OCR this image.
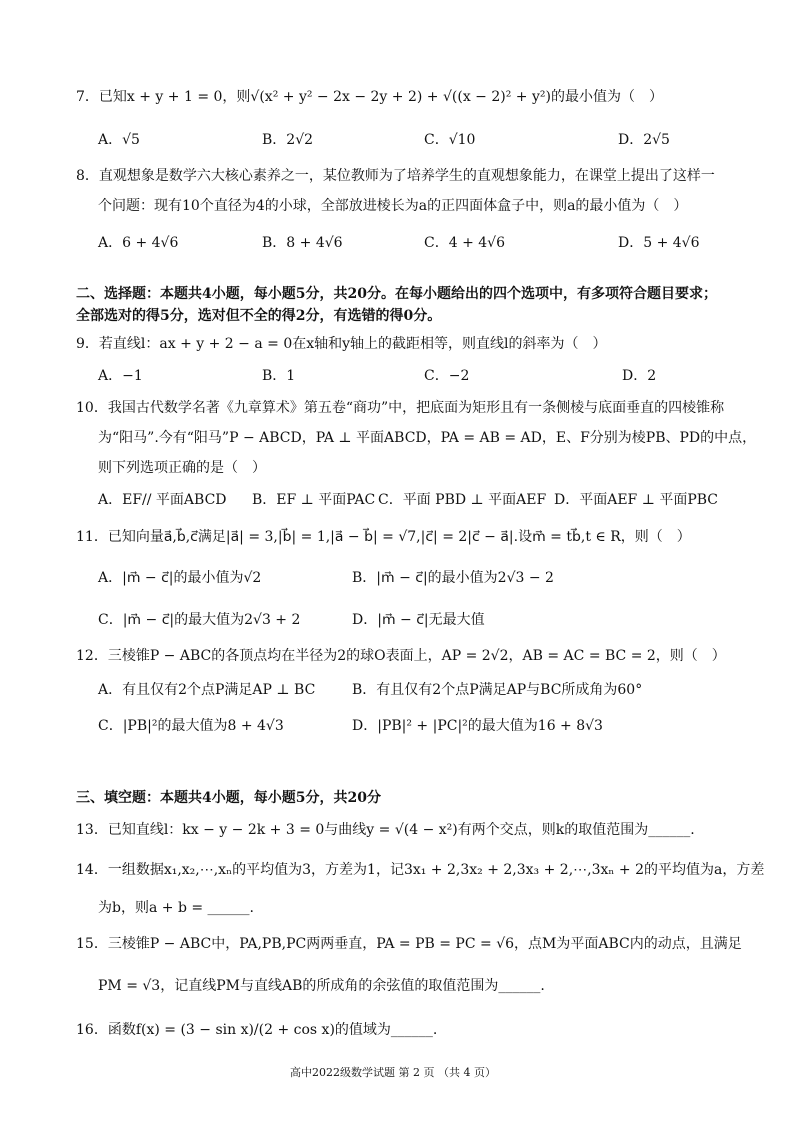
7．已知x + y + 1 = 0，则√(x² + y² − 2x − 2y + 2) + √((x − 2)² + y²)的最小值为（　）
A．√5	B．2√2	C．√10	D．2√5
8．直观想象是数学六大核心素养之一，某位教师为了培养学生的直观想象能力，在课堂上提出了这样一
个问题：现有10个直径为4的小球，全部放进棱长为a的正四面体盒子中，则a的最小值为（　）
A．6 + 4√6	B．8 + 4√6	C．4 + 4√6	D．5 + 4√6
二、选择题：本题共4小题，每小题5分，共20分。在每小题给出的四个选项中，有多项符合题目要求；
全部选对的得5分，选对但不全的得2分，有选错的得0分。
9．若直线l：ax + y + 2 − a = 0在x轴和y轴上的截距相等，则直线l的斜率为（　）
A．−1	B．1	C．−2	D．2
10．我国古代数学名著《九章算术》第五卷“商功”中，把底面为矩形且有一条侧棱与底面垂直的四棱锥称
为“阳马”.今有“阳马”P − ABCD，PA ⊥ 平面ABCD，PA = AB = AD，E、F分别为棱PB、PD的中点，
则下列选项正确的是（　）
A．EF// 平面ABCD B．EF ⊥ 平面PAC C．平面 PBD ⊥ 平面AEF D．平面AEF ⊥ 平面PBC
11．已知向量a⃗,b⃗,c⃗满足|a⃗| = 3,|b⃗| = 1,|a⃗ − b⃗| = √7,|c⃗| = 2|c⃗ − a⃗|.设m⃗ = tb⃗,t ∈ R，则（　）
A．|m⃗ − c⃗|的最小值为√2	B．|m⃗ − c⃗|的最小值为2√3 − 2
C．|m⃗ − c⃗|的最大值为2√3 + 2	D．|m⃗ − c⃗|无最大值
12．三棱锥P − ABC的各顶点均在半径为2的球O表面上，AP = 2√2，AB = AC = BC = 2，则（　）
A．有且仅有2个点P满足AP ⊥ BC	B．有且仅有2个点P满足AP与BC所成角为60°
C．|PB|²的最大值为8 + 4√3	D．|PB|² + |PC|²的最大值为16 + 8√3
三、填空题：本题共4小题，每小题5分，共20分
13．已知直线l：kx − y − 2k + 3 = 0与曲线y = √(4 − x²)有两个交点，则k的取值范围为______.
14．一组数据x₁,x₂,⋯,xₙ的平均值为3，方差为1，记3x₁ + 2,3x₂ + 2,3x₃ + 2,⋯,3xₙ + 2的平均值为a，方差
为b，则a + b = ______.
15．三棱锥P − ABC中，PA,PB,PC两两垂直，PA = PB = PC = √6，点M为平面ABC内的动点，且满足
PM = √3，记直线PM与直线AB的所成角的余弦值的取值范围为______.
16．函数f(x) = (3 − sin x)/(2 + cos x)的值域为______.
高中2022级数学试题 第 2 页 （共 4 页）
